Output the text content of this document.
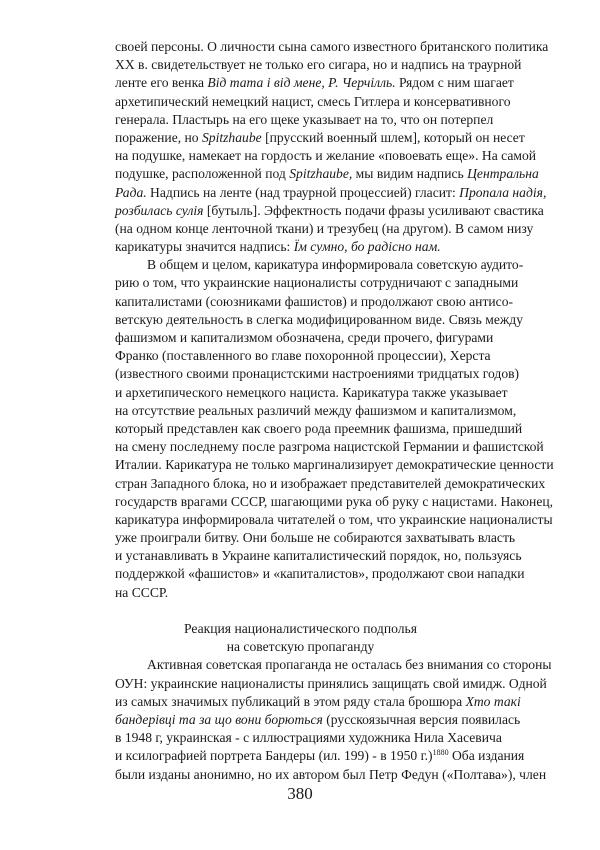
своей персоны. О личности сына самого известного британского политика
XX в. свидетельствует не только его сигара, но и надпись на траурной
ленте его венка Від тата і від мене, Р. Черчілль. Рядом с ним шагает
архетипический немецкий нацист, смесь Гитлера и консервативного
генерала. Пластырь на его щеке указывает на то, что он потерпел
поражение, но Spitzhaube [прусский военный шлем], который он несет
на подушке, намекает на гордость и желание «повоевать еще». На самой
подушке, расположенной под Spitzhaube, мы видим надпись Центральна
Рада. Надпись на ленте (над траурной процессией) гласит: Пропала надія,
розбилась сулія [бутыль]. Эффектность подачи фразы усиливают свастика
(на одном конце ленточной ткани) и трезубец (на другом). В самом низу
карикатуры значится надпись: Їм сумно, бо радісно нам.
В общем и целом, карикатура информировала советскую аудито-
рию о том, что украинские националисты сотрудничают с западными
капиталистами (союзниками фашистов) и продолжают свою антисо-
ветскую деятельность в слегка модифицированном виде. Связь между
фашизмом и капитализмом обозначена, среди прочего, фигурами
Франко (поставленного во главе похоронной процессии), Херста
(известного своими пронацистскими настроениями тридцатых годов)
и архетипического немецкого нациста. Карикатура также указывает
на отсутствие реальных различий между фашизмом и капитализмом,
который представлен как своего рода преемник фашизма, пришедший
на смену последнему после разгрома нацистской Германии и фашистской
Италии. Карикатура не только маргинализирует демократические ценности
стран Западного блока, но и изображает представителей демократических
государств врагами СССР, шагающими рука об руку с нацистами. Наконец,
карикатура информировала читателей о том, что украинские националисты
уже проиграли битву. Они больше не собираются захватывать власть
и устанавливать в Украине капиталистический порядок, но, пользуясь
поддержкой «фашистов» и «капиталистов», продолжают свои нападки
на СССР.
Реакция националистического подполья
на советскую пропаганду
Активная советская пропаганда не осталась без внимания со стороны
ОУН: украинские националисты принялись защищать свой имидж. Одной
из самых значимых публикаций в этом ряду стала брошюра Хто такі
бандерівці та за що вони борються (русскоязычная версия появилась
в 1948 г, украинская - с иллюстрациями художника Нила Хасевича
и ксилографией портрета Бандеры (ил. 199) - в 1950 г.)$^{1880}$ Оба издания
были изданы анонимно, но их автором был Петр Федун («Полтава»), член
380
